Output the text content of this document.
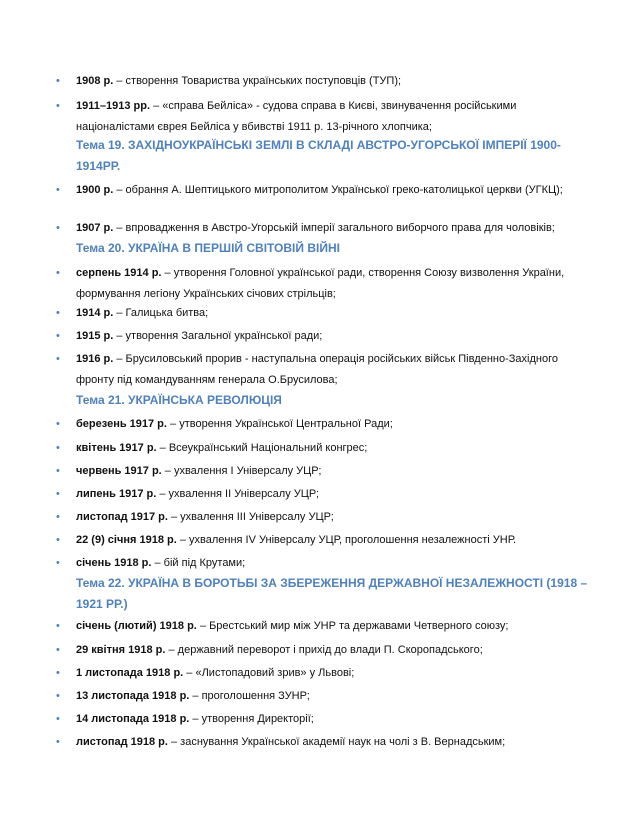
•	1908 р. – створення Товариства українських поступовців (ТУП);
•	1911–1913 рр. – «справа Бейліса» - судова справа в Києві, звинувачення російськими націоналістами єврея Бейліса у вбивстві 1911 р. 13-річного хлопчика;
Тема 19. ЗАХІДНОУКРАЇНСЬКІ ЗЕМЛІ В СКЛАДІ АВСТРО-УГОРСЬКОЇ ІМПЕРІЇ 1900-1914РР.
•	1900 р. – обрання А. Шептицького митрополитом Української греко-католицької церкви (УГКЦ);
•	1907 р. – впровадження в Австро-Угорській імперії загального виборчого права для чоловіків;
Тема 20. УКРАЇНА В ПЕРШІЙ СВІТОВІЙ ВІЙНІ
•	серпень 1914 р. – утворення Головної української ради, створення Союзу визволення України, формування легіону Українських січових стрільців;
•	1914 р. – Галицька битва;
•	1915 р. – утворення Загальної української ради;
•	1916 р. – Брусиловський прорив - наступальна операція російських військ Південно-Західного фронту під командуванням генерала О.Брусилова;
Тема 21. УКРАЇНСЬКА РЕВОЛЮЦІЯ
•	березень 1917 р. – утворення Української Центральної Ради;
•	квітень 1917 р. – Всеукраїнський Національний конгрес;
•	червень 1917 р. – ухвалення І Універсалу УЦР;
•	липень 1917 р. – ухвалення ІІ Універсалу УЦР;
•	листопад 1917 р. – ухвалення ІІІ Універсалу УЦР;
•	22 (9) січня 1918 р. – ухвалення IV Універсалу УЦР, проголошення незалежності УНР.
•	січень 1918 р. – бій під Крутами;
Тема 22. УКРАЇНА В БОРОТЬБІ ЗА ЗБЕРЕЖЕННЯ ДЕРЖАВНОЇ НЕЗАЛЕЖНОСТІ (1918 – 1921 РР.)
•	січень (лютий) 1918 р. – Брестський мир між УНР та державами Четверного союзу;
•	29 квітня 1918 р. – державний переворот і прихід до влади П. Скоропадського;
•	1 листопада 1918 р. – «Листопадовий зрив» у Львові;
•	13 листопада 1918 р. – проголошення ЗУНР;
•	14 листопада 1918 р. – утворення Директорії;
•	листопад 1918 р. – заснування Української академії наук на чолі з В. Вернадським;
